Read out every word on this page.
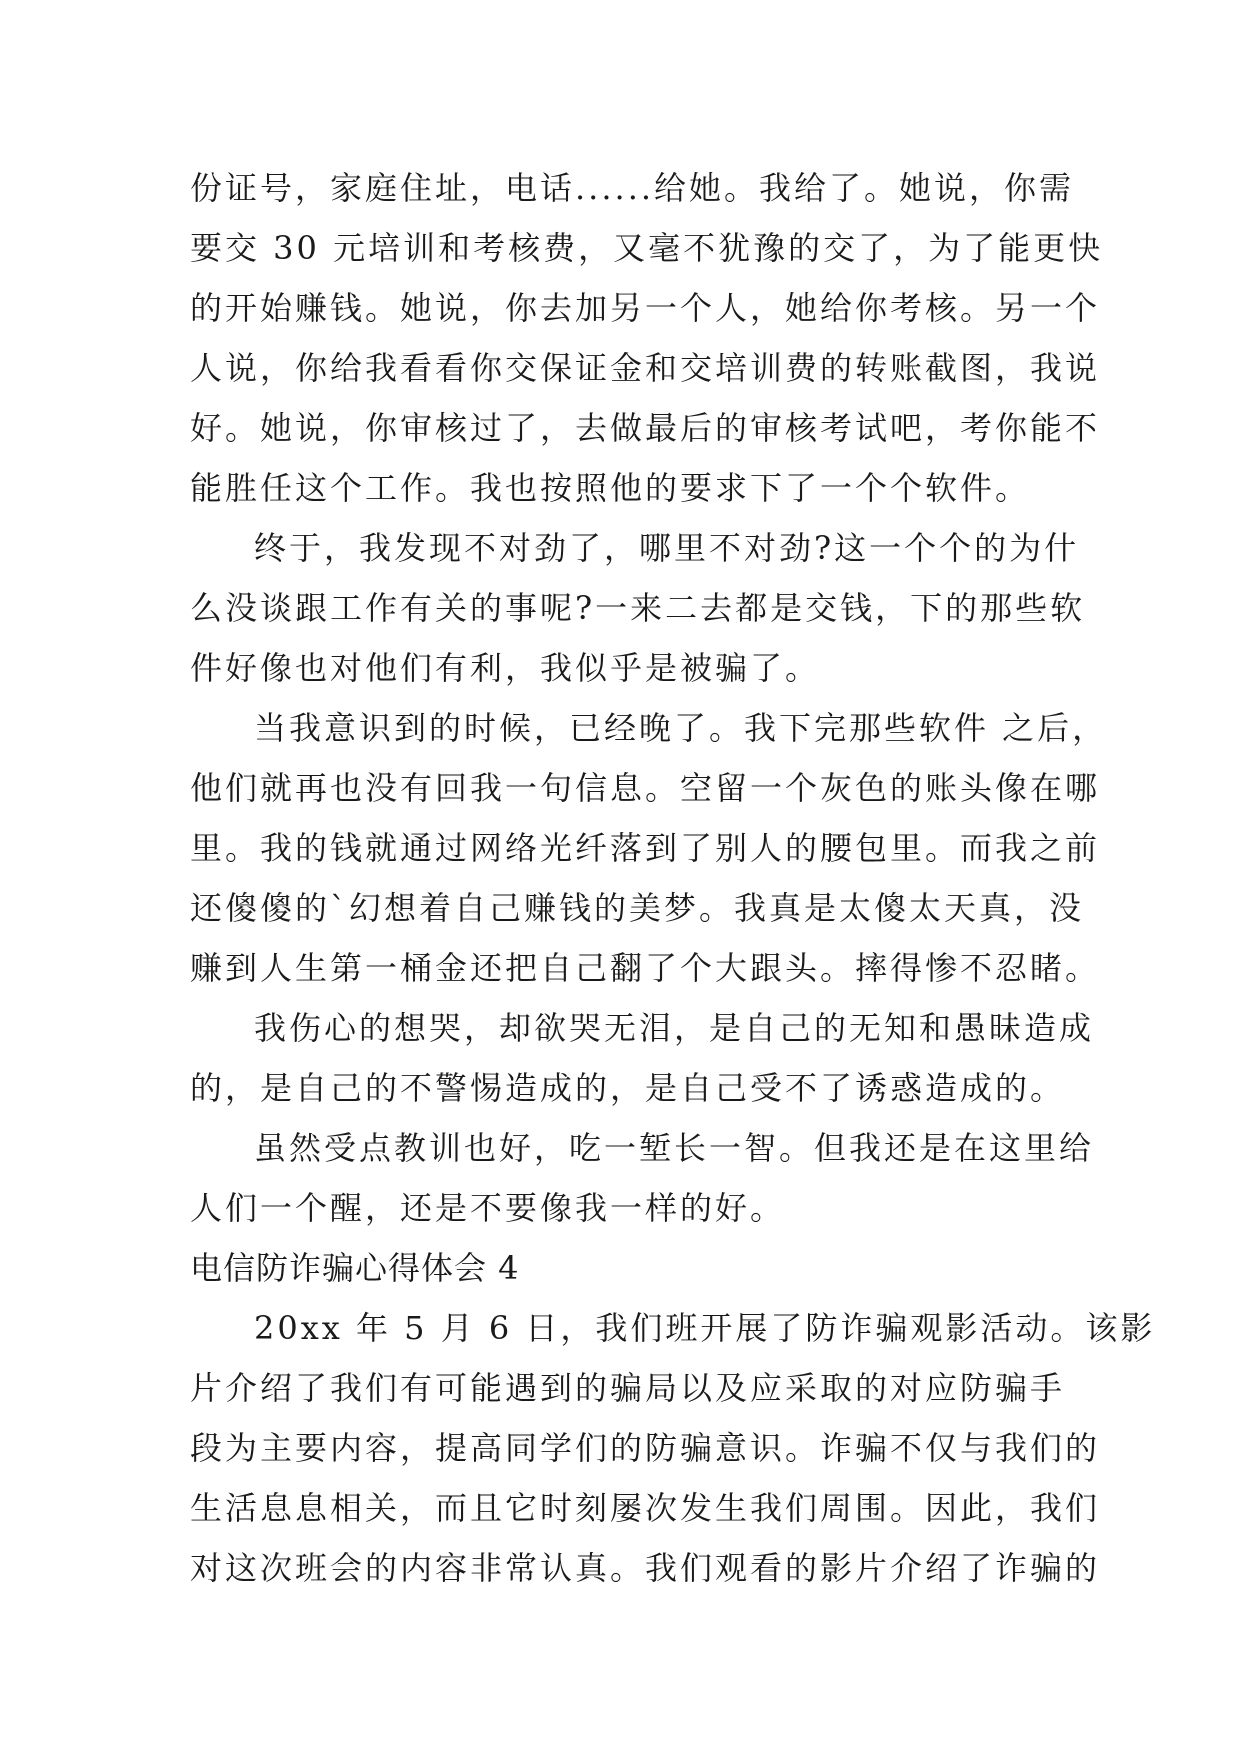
份证号，家庭住址，电话......给她。我给了。她说，你需
要交 30 元培训和考核费，又毫不犹豫的交了，为了能更快
的开始赚钱。她说，你去加另一个人，她给你考核。另一个
人说，你给我看看你交保证金和交培训费的转账截图，我说
好。她说，你审核过了，去做最后的审核考试吧，考你能不
能胜任这个工作。我也按照他的要求下了一个个软件。
终于，我发现不对劲了，哪里不对劲?这一个个的为什
么没谈跟工作有关的事呢?一来二去都是交钱，下的那些软
件好像也对他们有利，我似乎是被骗了。
当我意识到的时候，已经晚了。我下完那些软件 之后，
他们就再也没有回我一句信息。空留一个灰色的账头像在哪
里。我的钱就通过网络光纤落到了别人的腰包里。而我之前
还傻傻的`幻想着自己赚钱的美梦。我真是太傻太天真，没
赚到人生第一桶金还把自己翻了个大跟头。摔得惨不忍睹。
我伤心的想哭，却欲哭无泪，是自己的无知和愚昧造成
的，是自己的不警惕造成的，是自己受不了诱惑造成的。
虽然受点教训也好，吃一堑长一智。但我还是在这里给
人们一个醒，还是不要像我一样的好。
电信防诈骗心得体会 4
20xx 年 5 月 6 日，我们班开展了防诈骗观影活动。该影
片介绍了我们有可能遇到的骗局以及应采取的对应防骗手
段为主要内容，提高同学们的防骗意识。诈骗不仅与我们的
生活息息相关，而且它时刻屡次发生我们周围。因此，我们
对这次班会的内容非常认真。我们观看的影片介绍了诈骗的
